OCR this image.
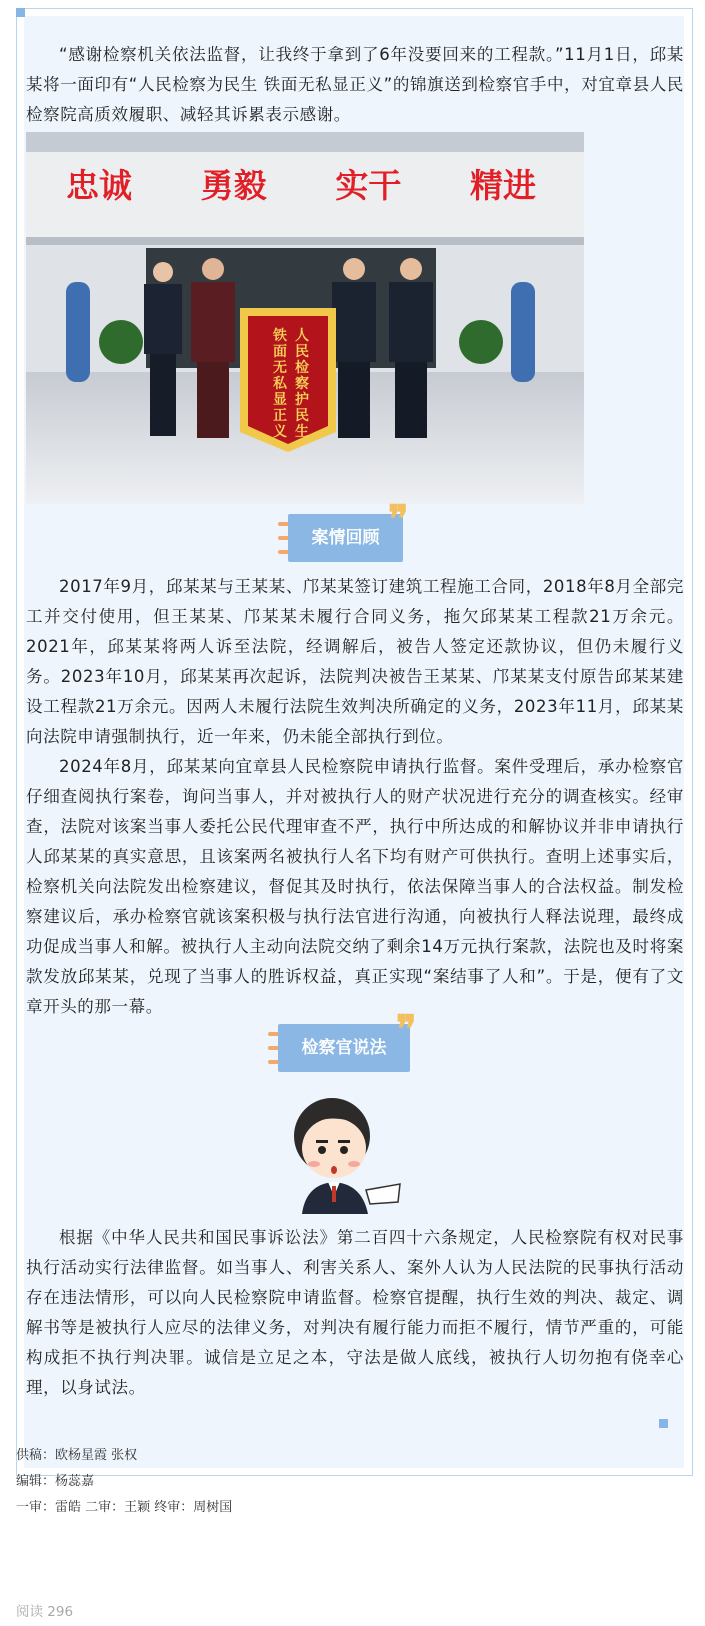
“感谢检察机关依法监督，让我终于拿到了6年没要回来的工程款。”11月1日，邱某某将一面印有“人民检察为民生 铁面无私显正义”的锦旗送到检察官手中，对宜章县人民检察院高质效履职、减轻其诉累表示感谢。

忠诚 勇毅 实干 精进
人
民
检
察
护
民
生
铁
面
无
私
显
正
义
案情回顾 ❞

2017年9月，邱某某与王某某、邝某某签订建筑工程施工合同，2018年8月全部完工并交付使用，但王某某、邝某某未履行合同义务，拖欠邱某某工程款21万余元。2021年，邱某某将两人诉至法院，经调解后，被告人签定还款协议，但仍未履行义务。2023年10月，邱某某再次起诉，法院判决被告王某某、邝某某支付原告邱某某建设工程款21万余元。因两人未履行法院生效判决所确定的义务，2023年11月，邱某某向法院申请强制执行，近一年来，仍未能全部执行到位。

2024年8月，邱某某向宜章县人民检察院申请执行监督。案件受理后，承办检察官仔细查阅执行案卷，询问当事人，并对被执行人的财产状况进行充分的调查核实。经审查，法院对该案当事人委托公民代理审查不严，执行中所达成的和解协议并非申请执行人邱某某的真实意思，且该案两名被执行人名下均有财产可供执行。查明上述事实后，检察机关向法院发出检察建议，督促其及时执行，依法保障当事人的合法权益。制发检察建议后，承办检察官就该案积极与执行法官进行沟通，向被执行人释法说理，最终成功促成当事人和解。被执行人主动向法院交纳了剩余14万元执行案款，法院也及时将案款发放邱某某，兑现了当事人的胜诉权益，真正实现“案结事了人和”。于是，便有了文章开头的那一幕。

检察官说法 ❞

根据《中华人民共和国民事诉讼法》第二百四十六条规定，人民检察院有权对民事执行活动实行法律监督。如当事人、利害关系人、案外人认为人民法院的民事执行活动存在违法情形，可以向人民检察院申请监督。检察官提醒，执行生效的判决、裁定、调解书等是被执行人应尽的法律义务，对判决有履行能力而拒不履行，情节严重的，可能构成拒不执行判决罪。诚信是立足之本，守法是做人底线，被执行人切勿抱有侥幸心理，以身试法。

供稿：欧杨星霞 张权

编辑：杨蕊嘉

一审：雷皓 二审：王颖 终审：周树国

阅读 296
